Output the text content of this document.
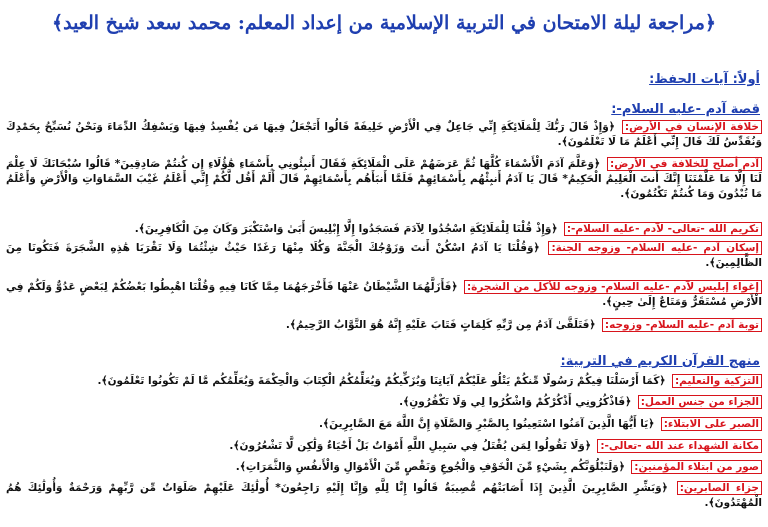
﴿مراجعة ليلة الامتحان في التربية الإسلامية من إعداد المعلم: محمد سعد شيخ العيد﴾
أولاً: آيات الحفظ:
قصة آدم -عليه السلام-:
خلافة الإنسان في الأرض: ﴿وَإِذْ قَالَ رَبُّكَ لِلْمَلَائِكَةِ إِنِّي جَاعِلٌ فِي الْأَرْضِ خَلِيفَةً قَالُوا أَتَجْعَلُ فِيهَا مَن يُفْسِدُ فِيهَا وَيَسْفِكُ الدِّمَاءَ وَنَحْنُ نُسَبِّحُ بِحَمْدِكَ وَنُقَدِّسُ لَكَ قَالَ إِنِّي أَعْلَمُ مَا لَا تَعْلَمُونَ﴾.
آدم أصلح للخلافة في الأرض: ﴿وَعَلَّمَ آدَمَ الْأَسْمَاءَ كُلَّهَا ثُمَّ عَرَضَهُمْ عَلَى الْمَلَائِكَةِ فَقَالَ أَنبِئُونِي بِأَسْمَاءِ هَٰؤُلَاءِ إِن كُنتُمْ صَادِقِينَ* قَالُوا سُبْحَانَكَ لَا عِلْمَ لَنَا إِلَّا مَا عَلَّمْتَنَا إِنَّكَ أَنتَ الْعَلِيمُ الْحَكِيمُ* قَالَ يَا آدَمُ أَنبِئْهُم بِأَسْمَائِهِمْ فَلَمَّا أَنبَأَهُم بِأَسْمَائِهِمْ قَالَ أَلَمْ أَقُل لَّكُمْ إِنِّي أَعْلَمُ غَيْبَ السَّمَاوَاتِ وَالْأَرْضِ وَأَعْلَمُ مَا تُبْدُونَ وَمَا كُنتُمْ تَكْتُمُونَ﴾.
تكريم الله -تعالى- لآدم -عليه السلام-: ﴿وَإِذْ قُلْنَا لِلْمَلَائِكَةِ اسْجُدُوا لِآدَمَ فَسَجَدُوا إِلَّا إِبْلِيسَ أَبَىٰ وَاسْتَكْبَرَ وَكَانَ مِنَ الْكَافِرِينَ﴾.
إسكان آدم -عليه السلام- وزوجه الجنة: ﴿وَقُلْنَا يَا آدَمُ اسْكُنْ أَنتَ وَزَوْجُكَ الْجَنَّةَ وَكُلَا مِنْهَا رَغَدًا حَيْثُ شِئْتُمَا وَلَا تَقْرَبَا هَٰذِهِ الشَّجَرَةَ فَتَكُونَا مِنَ الظَّالِمِينَ﴾.
إغواء إبليس لآدم -عليه السلام- وزوجه للأكل من الشجرة: ﴿فَأَزَلَّهُمَا الشَّيْطَانُ عَنْهَا فَأَخْرَجَهُمَا مِمَّا كَانَا فِيهِ وَقُلْنَا اهْبِطُوا بَعْضُكُمْ لِبَعْضٍ عَدُوٌّ وَلَكُمْ فِي الْأَرْضِ مُسْتَقَرٌّ وَمَتَاعٌ إِلَىٰ حِينٍ﴾.
توبة آدم -عليه السلام- وزوجه: ﴿فَتَلَقَّىٰ آدَمُ مِن رَّبِّهِ كَلِمَاتٍ فَتَابَ عَلَيْهِ إِنَّهُ هُوَ التَّوَّابُ الرَّحِيمُ﴾.
منهج القرآن الكريم في التربية:
التزكية والتعليم: ﴿كَمَا أَرْسَلْنَا فِيكُمْ رَسُولًا مِّنكُمْ يَتْلُو عَلَيْكُمْ آيَاتِنَا وَيُزَكِّيكُمْ وَيُعَلِّمُكُمُ الْكِتَابَ وَالْحِكْمَةَ وَيُعَلِّمُكُم مَّا لَمْ تَكُونُوا تَعْلَمُونَ﴾.
الجزاء من جنس العمل: ﴿فَاذْكُرُونِي أَذْكُرْكُمْ وَاشْكُرُوا لِي وَلَا تَكْفُرُونِ﴾.
الصبر على الابتلاء: ﴿يَا أَيُّهَا الَّذِينَ آمَنُوا اسْتَعِينُوا بِالصَّبْرِ وَالصَّلَاةِ إِنَّ اللَّهَ مَعَ الصَّابِرِينَ﴾.
مكانة الشهداء عند الله -تعالى-: ﴿وَلَا تَقُولُوا لِمَن يُقْتَلُ فِي سَبِيلِ اللَّهِ أَمْوَاتٌ بَلْ أَحْيَاءٌ وَلَٰكِن لَّا تَشْعُرُونَ﴾.
صور من ابتلاء المؤمنين: ﴿وَلَنَبْلُوَنَّكُم بِشَيْءٍ مِّنَ الْخَوْفِ وَالْجُوعِ وَنَقْصٍ مِّنَ الْأَمْوَالِ وَالْأَنفُسِ وَالثَّمَرَاتِ﴾.
جزاء الصابرين: ﴿وَبَشِّرِ الصَّابِرِينَ الَّذِينَ إِذَا أَصَابَتْهُم مُّصِيبَةٌ قَالُوا إِنَّا لِلَّهِ وَإِنَّا إِلَيْهِ رَاجِعُونَ* أُولَٰئِكَ عَلَيْهِمْ صَلَوَاتٌ مِّن رَّبِّهِمْ وَرَحْمَةٌ وَأُولَٰئِكَ هُمُ الْمُهْتَدُونَ﴾.
